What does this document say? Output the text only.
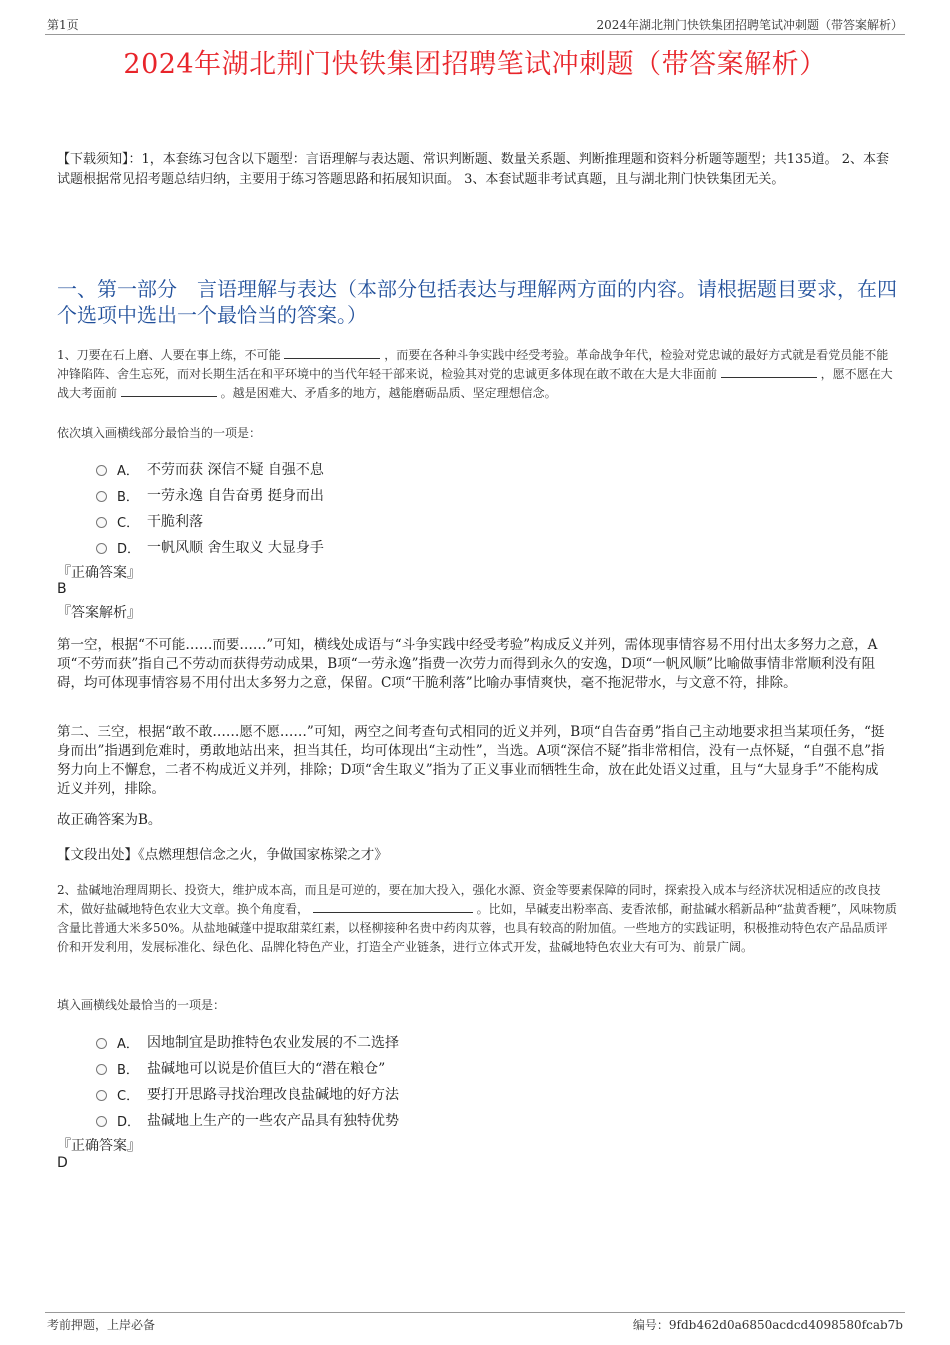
第1页	2024年湖北荆门快铁集团招聘笔试冲刺题（带答案解析）
2024年湖北荆门快铁集团招聘笔试冲刺题（带答案解析）
【下载须知】：1，本套练习包含以下题型：言语理解与表达题、常识判断题、数量关系题、判断推理题和资料分析题等题型；共135道。 2、本套试题根据常见招考题总结归纳，主要用于练习答题思路和拓展知识面。 3、本套试题非考试真题，且与湖北荆门快铁集团无关。
一、第一部分　言语理解与表达（本部分包括表达与理解两方面的内容。请根据题目要求，在四个选项中选出一个最恰当的答案。）
1、刀要在石上磨、人要在事上练，不可能	，而要在各种斗争实践中经受考验。革命战争年代，检验对党忠诚的最好方式就是看党员能不能冲锋陷阵、舍生忘死，而对长期生活在和平环境中的当代年轻干部来说，检验其对党的忠诚更多体现在敢不敢在大是大非面前	，愿不愿在大战大考面前	。越是困难大、矛盾多的地方，越能磨砺品质、坚定理想信念。
依次填入画横线部分最恰当的一项是：
A． 不劳而获 深信不疑 自强不息
B． 一劳永逸 自告奋勇 挺身而出
C． 干脆利落
D． 一帆风顺 舍生取义 大显身手
『正确答案』
B
『答案解析』
第一空，根据“不可能……而要……”可知，横线处成语与“斗争实践中经受考验”构成反义并列，需体现事情容易不用付出太多努力之意，A项“不劳而获”指自己不劳动而获得劳动成果，B项“一劳永逸”指费一次劳力而得到永久的安逸，D项“一帆风顺”比喻做事情非常顺利没有阻碍，均可体现事情容易不用付出太多努力之意，保留。C项“干脆利落”比喻办事情爽快，毫不拖泥带水，与文意不符，排除。
第二、三空，根据“敢不敢……愿不愿……”可知，两空之间考查句式相同的近义并列，B项“自告奋勇”指自己主动地要求担当某项任务，“挺身而出”指遇到危难时，勇敢地站出来，担当其任，均可体现出“主动性”，当选。A项“深信不疑”指非常相信，没有一点怀疑，“自强不息”指努力向上不懈怠，二者不构成近义并列，排除；D项“舍生取义”指为了正义事业而牺牲生命，放在此处语义过重，且与“大显身手”不能构成近义并列，排除。
故正确答案为B。
【文段出处】《点燃理想信念之火，争做国家栋梁之才》
2、盐碱地治理周期长、投资大，维护成本高，而且是可逆的，要在加大投入，强化水源、资金等要素保障的同时，探索投入成本与经济状况相适应的改良技术，做好盐碱地特色农业大文章。换个角度看，	。比如，旱碱麦出粉率高、麦香浓郁，耐盐碱水稻新品种“盐黄香粳”，风味物质含量比普通大米多50%。从盐地碱蓬中提取甜菜红素，以柽柳接种名贵中药肉苁蓉，也具有较高的附加值。一些地方的实践证明，积极推动特色农产品品质评价和开发利用，发展标准化、绿色化、品牌化特色产业，打造全产业链条，进行立体式开发，盐碱地特色农业大有可为、前景广阔。
填入画横线处最恰当的一项是：
A． 因地制宜是助推特色农业发展的不二选择
B． 盐碱地可以说是价值巨大的“潜在粮仓”
C． 要打开思路寻找治理改良盐碱地的好方法
D． 盐碱地上生产的一些农产品具有独特优势
『正确答案』
D
考前押题，上岸必备	编号：9fdb462d0a6850acdcd4098580fcab7b
